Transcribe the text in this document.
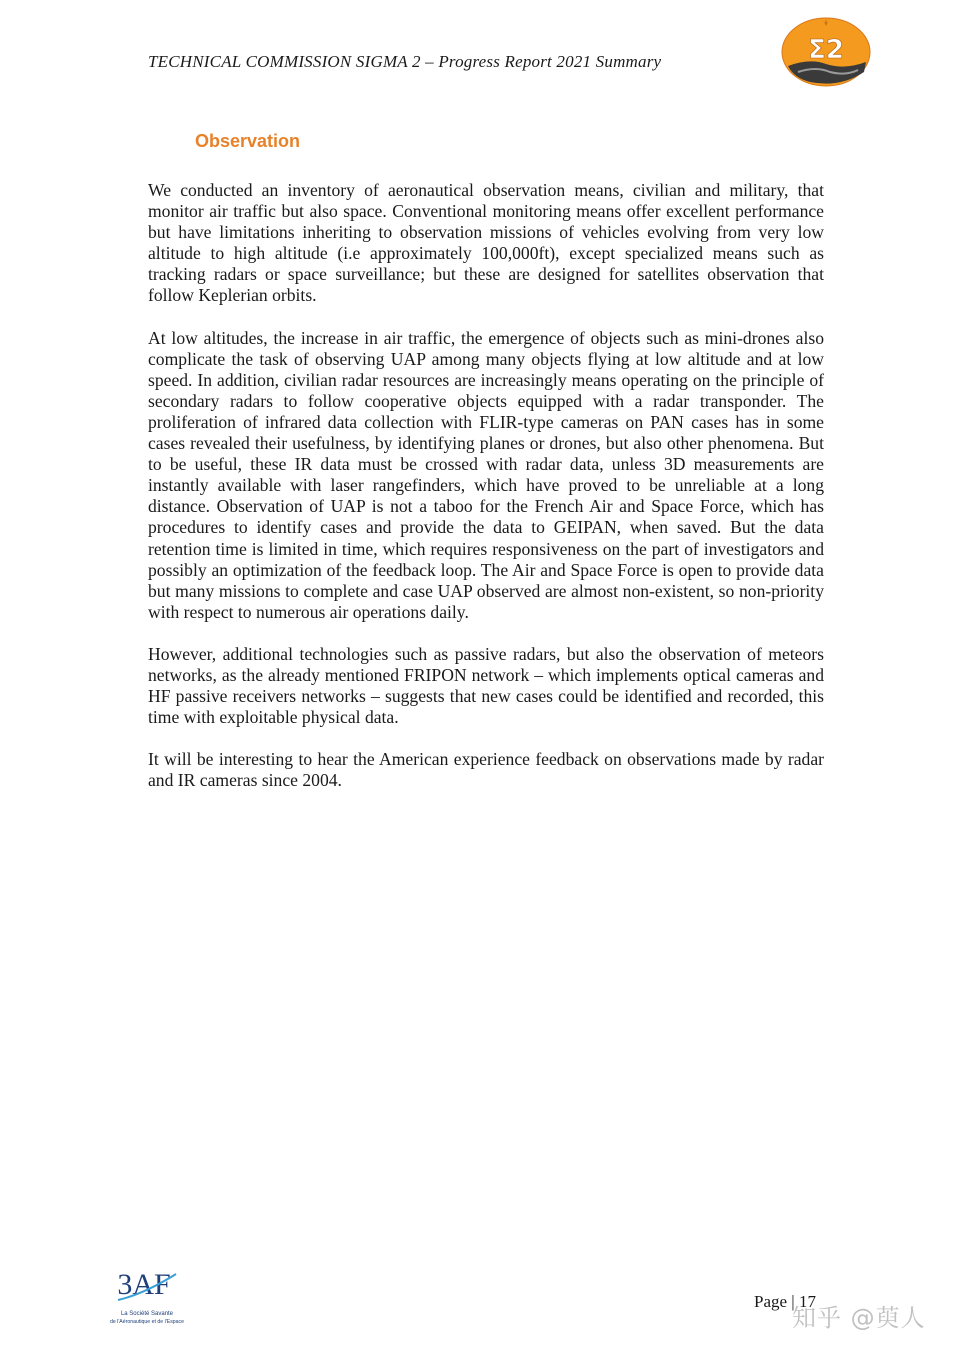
TECHNICAL COMMISSION SIGMA 2 – Progress Report 2021 Summary	Σ2
Observation

We conducted an inventory of aeronautical observation means, civilian and military, that monitor air traffic but also space. Conventional monitoring means offer excellent performance but have limitations inheriting to observation missions of vehicles evolving from very low altitude to high altitude (i.e approximately 100,000ft), except specialized means such as tracking radars or space surveillance; but these are designed for satellites observation that follow Keplerian orbits.

At low altitudes, the increase in air traffic, the emergence of objects such as mini-drones also complicate the task of observing UAP among many objects flying at low altitude and at low speed. In addition, civilian radar resources are increasingly means operating on the principle of secondary radars to follow cooperative objects equipped with a radar transponder. The proliferation of infrared data collection with FLIR-type cameras on PAN cases has in some cases revealed their usefulness, by identifying planes or drones, but also other phenomena. But to be useful, these IR data must be crossed with radar data, unless 3D measurements are instantly available with laser rangefinders, which have proved to be unreliable at a long distance. Observation of UAP is not a taboo for the French Air and Space Force, which has procedures to identify cases and provide the data to GEIPAN, when saved. But the data retention time is limited in time, which requires responsiveness on the part of investigators and possibly an optimization of the feedback loop. The Air and Space Force is open to provide data but many missions to complete and case UAP observed are almost non-existent, so non-priority with respect to numerous air operations daily.

However, additional technologies such as passive radars, but also the observation of meteors networks, as the already mentioned FRIPON network – which implements optical cameras and HF passive receivers networks – suggests that new cases could be identified and recorded, this time with exploitable physical data.

It will be interesting to hear the American experience feedback on observations made by radar and IR cameras since 2004.

3AF
La Société Savante
de l'Aéronautique et de l'Espace
Page | 17
知乎 @萸人
